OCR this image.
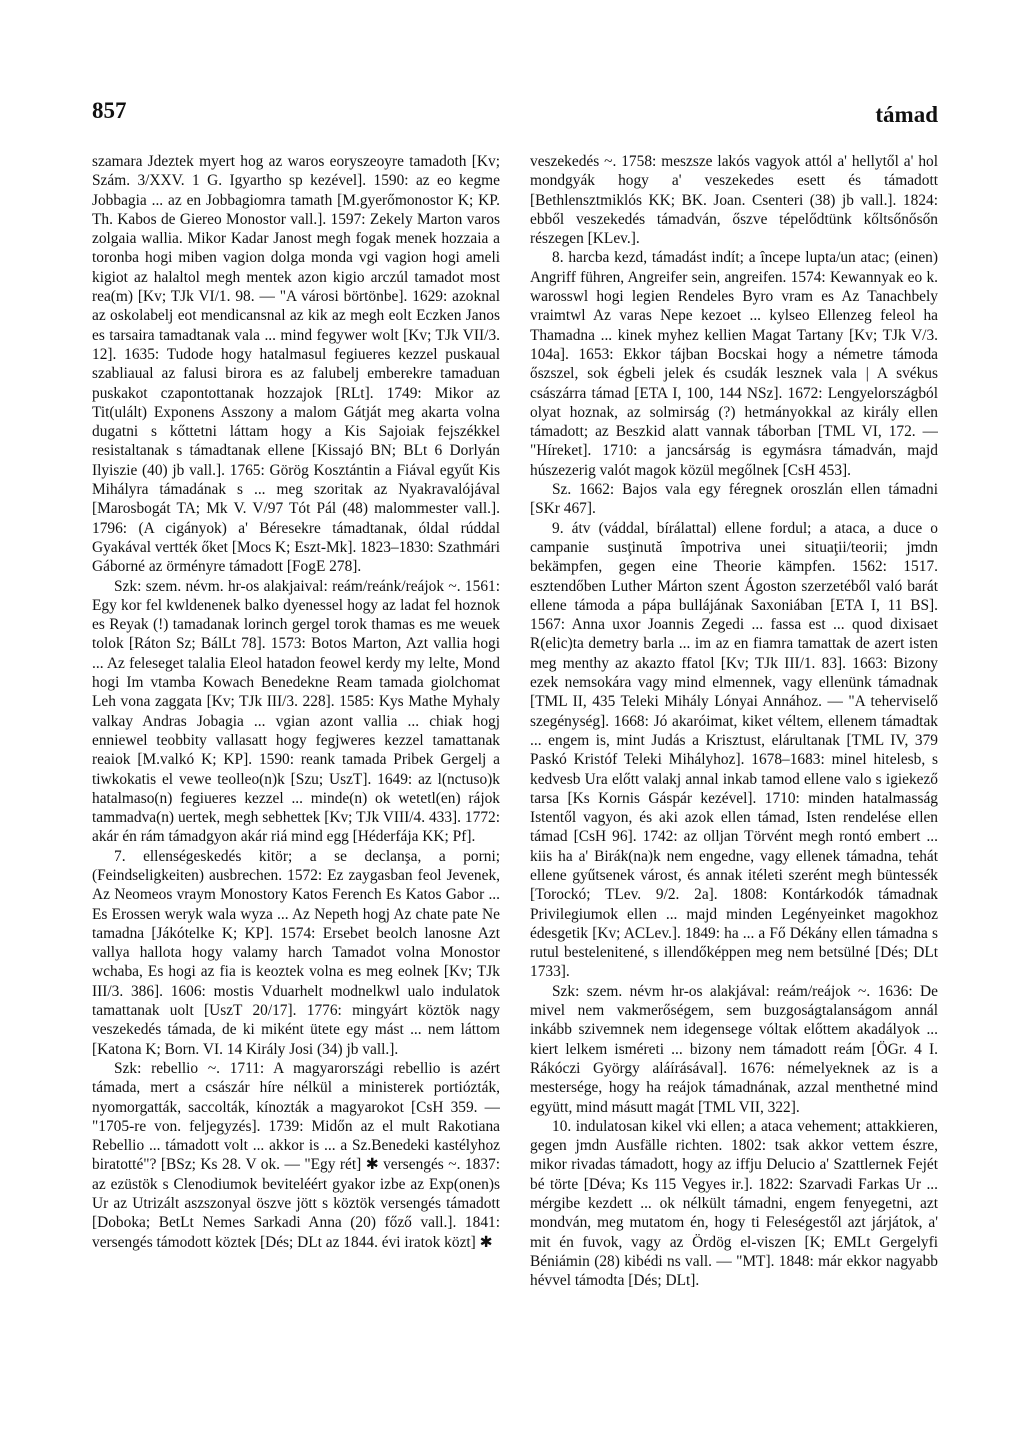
857	támad

szamara Jdeztek myert hog az waros eoryszeoyre tamadoth [Kv; Szám. 3/XXV. 1 G. Igyartho sp kezével]. 1590: az eo kegme Jobbagia ... az en Jobbagiomra tamath [M.gyerőmonostor K; KP. Th. Kabos de Giereo Monostor vall.]. 1597: Zekely Marton varos zolgaia wallia. Mikor Kadar Janost megh fogak menek hozzaia a toronba hogi miben vagion dolga monda vgi vagion hogi ameli kigiot az halaltol megh mentek azon kigio arczúl tamadot most rea(m) [Kv; TJk VI/1. 98. — "A városi börtönbe]. 1629: azoknal az oskolabelj eot mendicansnal az kik az megh eolt Eczken Janos es tarsaira tamadtanak vala ... mind fegywer wolt [Kv; TJk VII/3. 12]. 1635: Tudode hogy hatalmasul fegiueres kezzel puskaual szabliaual az falusi birora es az falubelj emberekre tamaduan puskakot czapontottanak hozzajok [RLt]. 1749: Mikor az Tit(ulált) Exponens Asszony a malom Gátját meg akarta volna dugatni s kőttetni láttam hogy a Kis Sajoiak fejszékkel resistaltanak s támadtanak ellene [Kissajó BN; BLt 6 Dorlyán Ilyiszie (40) jb vall.]. 1765: Görög Kosztántin a Fiával egyűt Kis Mihályra támadának s ... meg szoritak az Nyakravalójával [Marosbogát TA; Mk V. V/97 Tót Pál (48) malommester vall.]. 1796: (A cigányok) a' Béresekre támadtanak, óldal rúddal Gyakával vertték őket [Mocs K; Eszt-Mk]. 1823–1830: Szathmári Gáborné az örményre támadott [FogE 278].

Szk: szem. névm. hr-os alakjaival: reám/reánk/reájok ~. 1561: Egy kor fel kwldenenek balko dyenessel hogy az ladat fel hoznok es Reyak (!) tamadanak lorinch gergel torok thamas es me weuek tolok [Ráton Sz; BálLt 78]. 1573: Botos Marton, Azt vallia hogi ... Az feleseget talalia Eleol hatadon feowel kerdy my lelte, Mond hogi Im vtamba Kowach Benedekne Ream tamada giolchomat Leh vona zaggata [Kv; TJk III/3. 228]. 1585: Kys Mathe Myhaly valkay Andras Jobagia ... vgian azont vallia ... chiak hogj enniewel teobbity vallasatt hogy fegjweres kezzel tamattanak reaiok [M.valkó K; KP]. 1590: reank tamada Pribek Gergelj a tiwkokatis el vewe teolleo(n)k [Szu; UszT]. 1649: az l(nctuso)k hatalmaso(n) fegiueres kezzel ... minde(n) ok wetetl(en) rájok tammadva(n) uertek, megh sebhettek [Kv; TJk VIII/4. 433]. 1772: akár én rám támadgyon akár riá mind egg [Héderfája KK; Pf].

7. ellenségeskedés kitör; a se declanşa, a porni; (Feindseligkeiten) ausbrechen. 1572: Ez zaygasban feol Jevenek, Az Neomeos vraym Monostory Katos Ferench Es Katos Gabor ... Es Erossen weryk wala wyza ... Az Nepeth hogj Az chate pate Ne tamadna [Jákótelke K; KP]. 1574: Ersebet beolch lanosne Azt vallya hallota hogy valamy harch Tamadot volna Monostor wchaba, Es hogi az fia is keoztek volna es meg eolnek [Kv; TJk III/3. 386]. 1606: mostis Vduarhelt modnelkwl ualo indulatok tamattanak uolt [UszT 20/17]. 1776: mingyárt köztök nagy veszekedés támada, de ki miként ütete egy mást ... nem láttom [Katona K; Born. VI. 14 Király Josi (34) jb vall.].

Szk: rebellio ~. 1711: A magyarországi rebellio is azért támada, mert a császár híre nélkül a ministerek portiózták, nyomorgatták, saccolták, kínozták a magyarokot [CsH 359. — "1705-re von. feljegyzés]. 1739: Midőn az el mult Rakotiana Rebellio ... támadott volt ... akkor is ... a Sz.Benedeki kastélyhoz biratotté"? [BSz; Ks 28. V ok. — "Egy rét] ✱ versengés ~. 1837: az ezüstök s Clenodiumok beviteléért gyakor izbe az Exp(onen)s Ur az Utrizált aszszonyal öszve jött s köztök versengés támadott [Doboka; BetLt Nemes Sarkadi Anna (20) főző vall.]. 1841: versengés támodott köztek [Dés; DLt az 1844. évi iratok közt] ✱

veszekedés ~. 1758: meszsze lakós vagyok attól a' hellytől a' hol mondgyák hogy a' veszekedes esett és támadott [Bethlensztmiklós KK; BK. Joan. Csenteri (38) jb vall.]. 1824: ebből veszekedés támadván, őszve tépelődtünk kőltsőnősőn részegen [KLev.].

8. harcba kezd, támadást indít; a începe lupta/un atac; (einen) Angriff führen, Angreifer sein, angreifen. 1574: Kewannyak eo k. warosswl hogi legien Rendeles Byro vram es Az Tanachbely vraimtwl Az varas Nepe kezoet ... kylseo Ellenzeg feleol ha Thamadna ... kinek myhez kellien Magat Tartany [Kv; TJk V/3. 104a]. 1653: Ekkor tájban Bocskai hogy a németre támoda őszszel, sok égbeli jelek és csudák lesznek vala | A svékus császárra támad [ETA I, 100, 144 NSz]. 1672: Lengyelországból olyat hoznak, az solmirság (?) hetmányokkal az király ellen támadott; az Beszkid alatt vannak táborban [TML VI, 172. — "Híreket]. 1710: a jancsárság is egymásra támadván, majd húszezerig valót magok közül megőlnek [CsH 453].

Sz. 1662: Bajos vala egy féregnek oroszlán ellen támadni [SKr 467].

9. átv (váddal, bírálattal) ellene fordul; a ataca, a duce o campanie susţinută împotriva unei situaţii/teorii; jmdn bekämpfen, gegen eine Theorie kämpfen. 1562: 1517. esztendőben Luther Márton szent Ágoston szerzetéből való barát ellene támoda a pápa bullájának Saxoniában [ETA I, 11 BS]. 1567: Anna uxor Joannis Zegedi ... fassa est ... quod dixisaet R(elic)ta demetry barla ... im az en fiamra tamattak de azert isten meg menthy az akazto ffatol [Kv; TJk III/1. 83]. 1663: Bizony ezek nemsokára vagy mind elmennek, vagy ellenünk támadnak [TML II, 435 Teleki Mihály Lónyai Annához. — "A teherviselő szegénység]. 1668: Jó akaróimat, kiket véltem, ellenem támadtak ... engem is, mint Judás a Krisztust, elárultanak [TML IV, 379 Paskó Kristóf Teleki Mihályhoz]. 1678–1683: minel hitelesb, s kedvesb Ura előtt valakj annal inkab tamod ellene valo s igiekező tarsa [Ks Kornis Gáspár kezével]. 1710: minden hatalmasság Istentől vagyon, és aki azok ellen támad, Isten rendelése ellen támad [CsH 96]. 1742: az olljan Törvént megh rontó embert ... kiis ha a' Birák(na)k nem engedne, vagy ellenek támadna, tehát ellene gyűtsenek várost, és annak itéleti szerént megh büntessék [Torockó; TLev. 9/2. 2a]. 1808: Kontárkodók támadnak Privilegiumok ellen ... majd minden Legényeinket magokhoz édesgetik [Kv; ACLev.]. 1849: ha ... a Fő Dékány ellen támadna s rutul bestelenitené, s illendőképpen meg nem betsülné [Dés; DLt 1733].

Szk: szem. névm hr-os alakjával: reám/reájok ~. 1636: De mivel nem vakmerőségem, sem buzgoságtalanságom annál inkább szivemnek nem idegensege vóltak előttem akadályok ... kiert lelkem isméreti ... bizony nem támadott reám [ÖGr. 4 I. Rákóczi György aláírásával]. 1676: némelyeknek az is a mestersége, hogy ha reájok támadnának, azzal menthetné mind együtt, mind másutt magát [TML VII, 322].

10. indulatosan kikel vki ellen; a ataca vehement; attakkieren, gegen jmdn Ausfälle richten. 1802: tsak akkor vettem észre, mikor rivadas támadott, hogy az iffju Delucio a' Szattlernek Fejét bé törte [Déva; Ks 115 Vegyes ir.]. 1822: Szarvadi Farkas Ur ... mérgibe kezdett ... ok nélkült támadni, engem fenyegetni, azt mondván, meg mutatom én, hogy ti Feleségestől azt járjátok, a' mit én fuvok, vagy az Ördög el-viszen [K; EMLt Gergelyfi Béniámin (28) kibédi ns vall. — "MT]. 1848: már ekkor nagyabb hévvel támodta [Dés; DLt].
